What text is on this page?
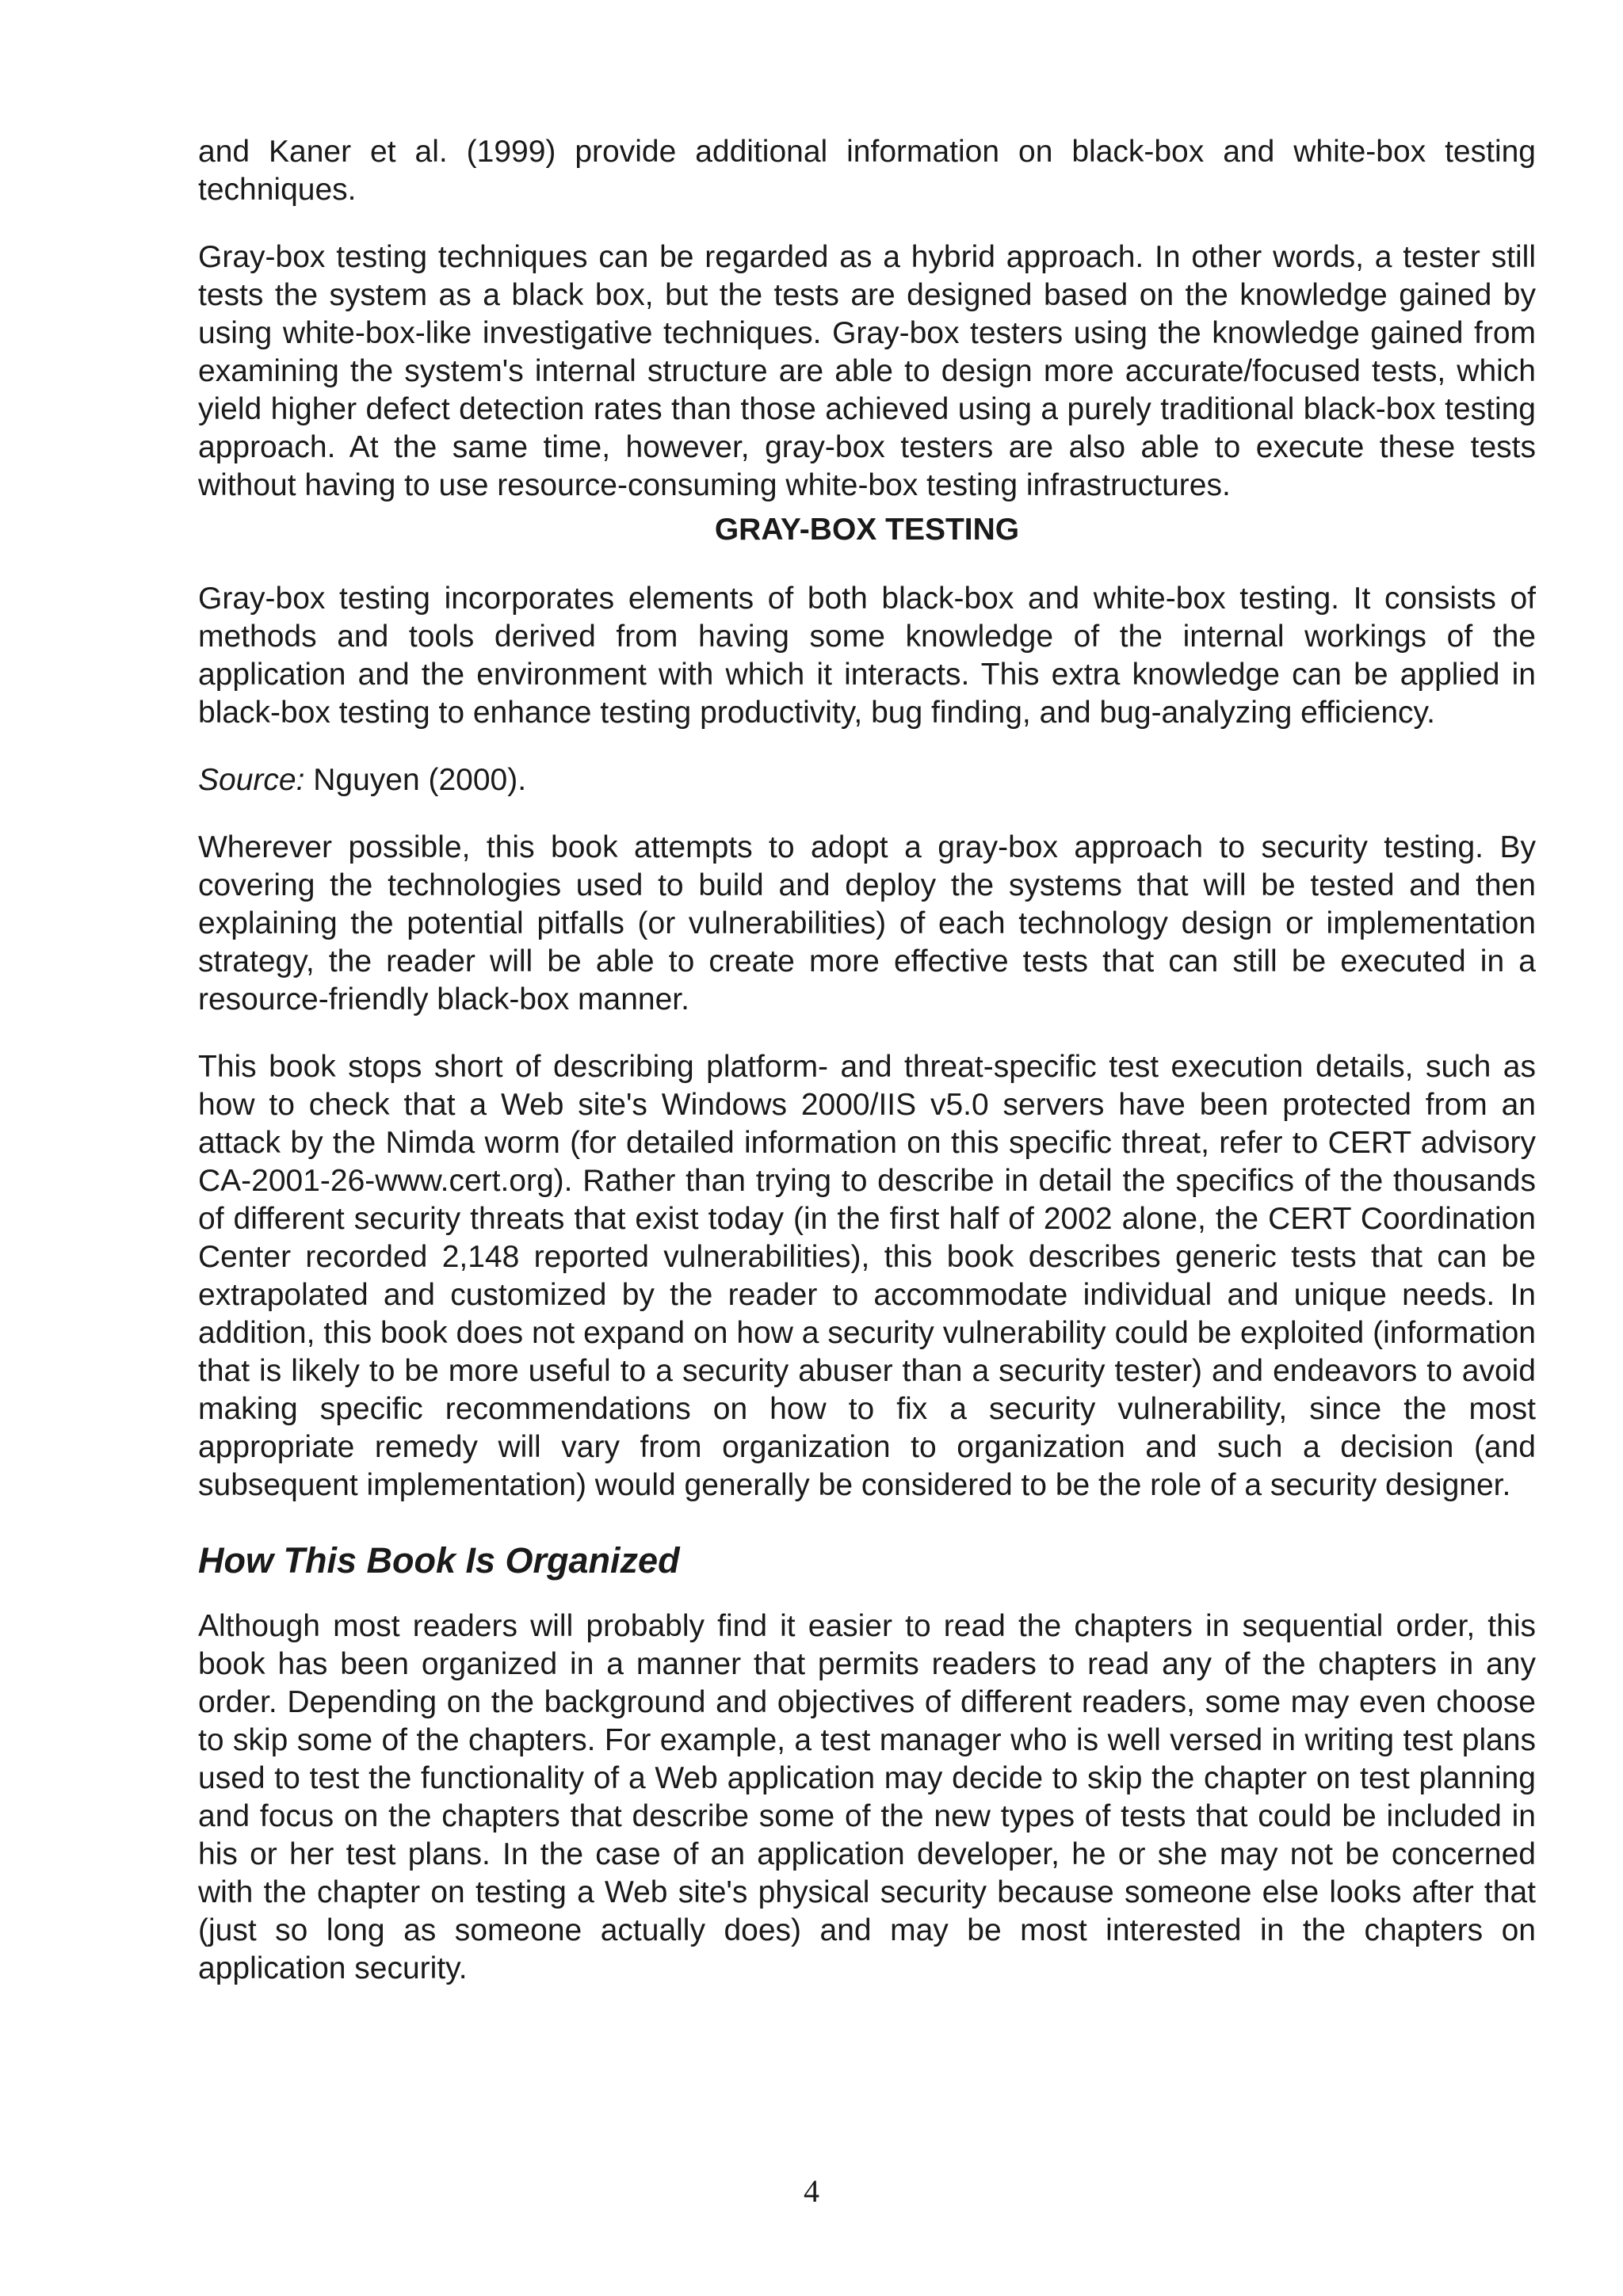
and Kaner et al. (1999) provide additional information on black-box and white-box testing techniques.

Gray-box testing techniques can be regarded as a hybrid approach. In other words, a tester still tests the system as a black box, but the tests are designed based on the knowledge gained by using white-box-like investigative techniques. Gray-box testers using the knowledge gained from examining the system's internal structure are able to design more accurate/focused tests, which yield higher defect detection rates than those achieved using a purely traditional black-box testing approach. At the same time, however, gray-box testers are also able to execute these tests without having to use resource-consuming white-box testing infrastructures.

GRAY-BOX TESTING

Gray-box testing incorporates elements of both black-box and white-box testing. It consists of methods and tools derived from having some knowledge of the internal workings of the application and the environment with which it interacts. This extra knowledge can be applied in black-box testing to enhance testing productivity, bug finding, and bug-analyzing efficiency.

Source: Nguyen (2000).

Wherever possible, this book attempts to adopt a gray-box approach to security testing. By covering the technologies used to build and deploy the systems that will be tested and then explaining the potential pitfalls (or vulnerabilities) of each technology design or implementation strategy, the reader will be able to create more effective tests that can still be executed in a resource-friendly black-box manner.

This book stops short of describing platform- and threat-specific test execution details, such as how to check that a Web site's Windows 2000/IIS v5.0 servers have been protected from an attack by the Nimda worm (for detailed information on this specific threat, refer to CERT advisory CA-2001-26-www.cert.org). Rather than trying to describe in detail the specifics of the thousands of different security threats that exist today (in the first half of 2002 alone, the CERT Coordination Center recorded 2,148 reported vulnerabilities), this book describes generic tests that can be extrapolated and customized by the reader to accommodate individual and unique needs. In addition, this book does not expand on how a security vulnerability could be exploited (information that is likely to be more useful to a security abuser than a security tester) and endeavors to avoid making specific recommendations on how to fix a security vulnerability, since the most appropriate remedy will vary from organization to organization and such a decision (and subsequent implementation) would generally be considered to be the role of a security designer.

How This Book Is Organized

Although most readers will probably find it easier to read the chapters in sequential order, this book has been organized in a manner that permits readers to read any of the chapters in any order. Depending on the background and objectives of different readers, some may even choose to skip some of the chapters. For example, a test manager who is well versed in writing test plans used to test the functionality of a Web application may decide to skip the chapter on test planning and focus on the chapters that describe some of the new types of tests that could be included in his or her test plans. In the case of an application developer, he or she may not be concerned with the chapter on testing a Web site's physical security because someone else looks after that (just so long as someone actually does) and may be most interested in the chapters on application security.

4
